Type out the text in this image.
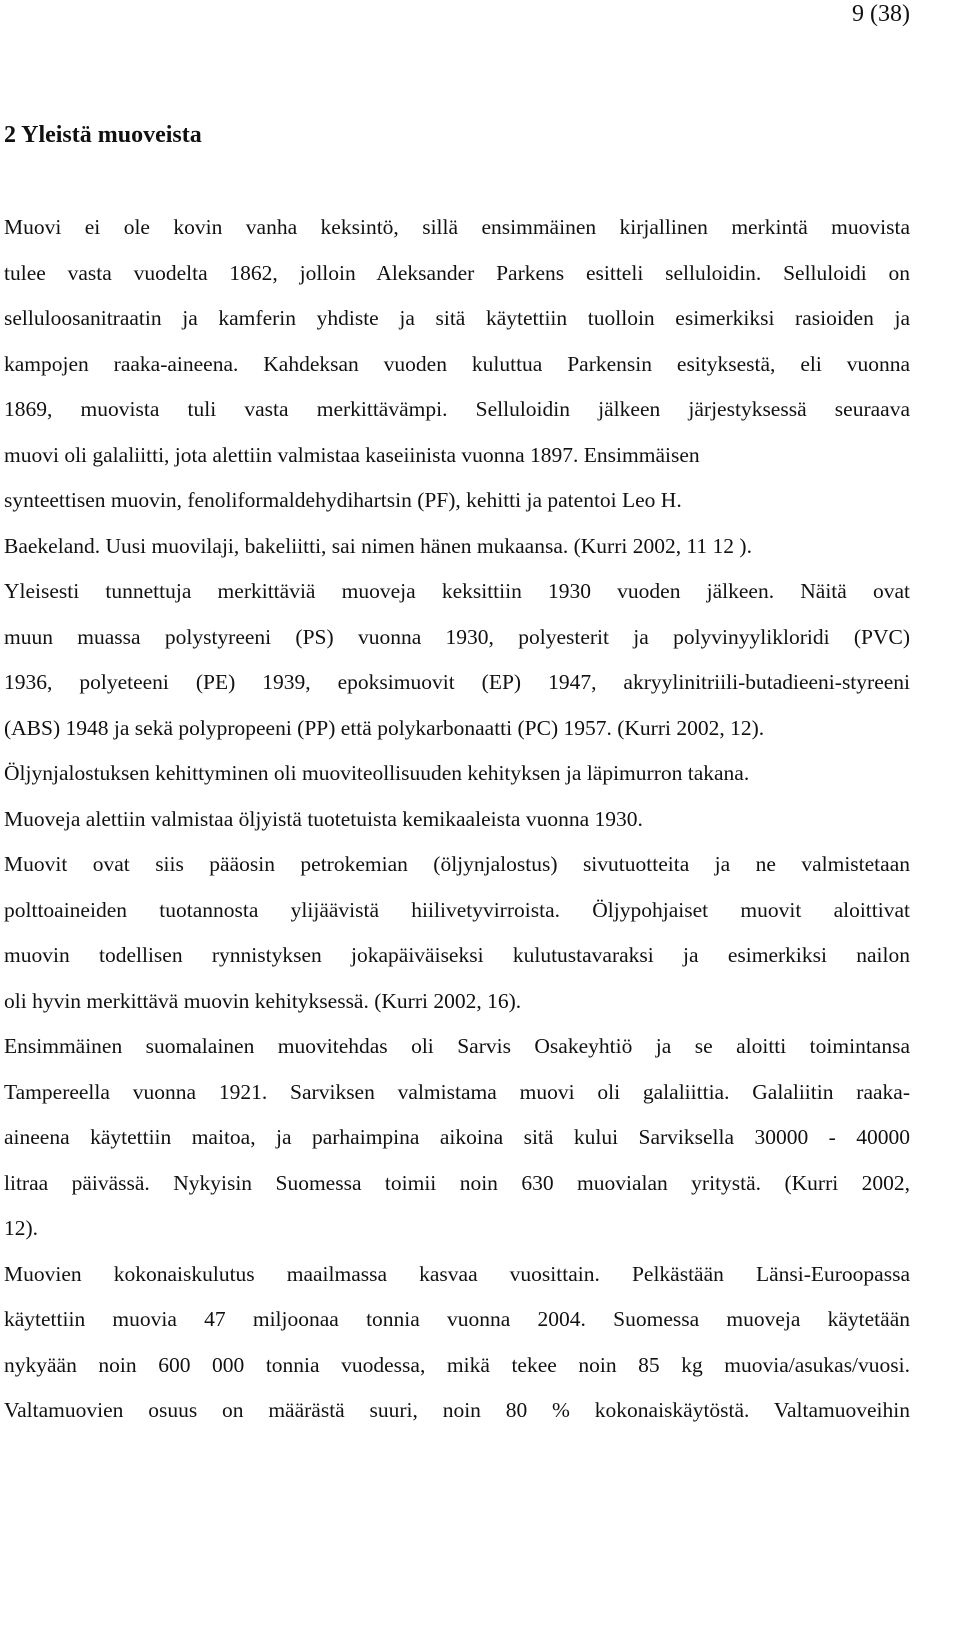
9 (38)
2 Yleistä muoveista
Muovi ei ole kovin vanha keksintö, sillä ensimmäinen kirjallinen merkintä muovista
tulee vasta vuodelta 1862, jolloin Aleksander Parkens esitteli selluloidin. Selluloidi on
selluloosanitraatin ja kamferin yhdiste ja sitä käytettiin tuolloin esimerkiksi rasioiden ja
kampojen raaka-aineena. Kahdeksan vuoden kuluttua Parkensin esityksestä, eli vuonna
1869, muovista tuli vasta merkittävämpi. Selluloidin jälkeen järjestyksessä seuraava
muovi oli galaliitti, jota alettiin valmistaa kaseiinista vuonna 1897. Ensimmäisen
synteettisen muovin, fenoliformaldehydihartsin (PF), kehitti ja patentoi Leo H.
Baekeland. Uusi muovilaji, bakeliitti, sai nimen hänen mukaansa. (Kurri 2002, 11 12 ).
Yleisesti tunnettuja merkittäviä muoveja keksittiin 1930 vuoden jälkeen. Näitä ovat
muun muassa polystyreeni (PS) vuonna 1930, polyesterit ja polyvinyylikloridi (PVC)
1936, polyeteeni (PE) 1939, epoksimuovit (EP) 1947, akryylinitriili-butadieeni-styreeni
(ABS) 1948 ja sekä polypropeeni (PP) että polykarbonaatti (PC) 1957. (Kurri 2002, 12).
Öljynjalostuksen kehittyminen oli muoviteollisuuden kehityksen ja läpimurron takana.
Muoveja alettiin valmistaa öljyistä tuotetuista kemikaaleista vuonna 1930.
Muovit ovat siis pääosin petrokemian (öljynjalostus) sivutuotteita ja ne valmistetaan
polttoaineiden tuotannosta ylijäävistä hiilivetyvirroista. Öljypohjaiset muovit aloittivat
muovin todellisen rynnistyksen jokapäiväiseksi kulutustavaraksi ja esimerkiksi nailon
oli hyvin merkittävä muovin kehityksessä. (Kurri 2002, 16).
Ensimmäinen suomalainen muovitehdas oli Sarvis Osakeyhtiö ja se aloitti toimintansa
Tampereella vuonna 1921. Sarviksen valmistama muovi oli galaliittia. Galaliitin raaka-
aineena käytettiin maitoa, ja parhaimpina aikoina sitä kului Sarviksella 30000 - 40000
litraa päivässä. Nykyisin Suomessa toimii noin 630 muovialan yritystä. (Kurri 2002,
12).
Muovien kokonaiskulutus maailmassa kasvaa vuosittain. Pelkästään Länsi-Euroopassa
käytettiin muovia 47 miljoonaa tonnia vuonna 2004. Suomessa muoveja käytetään
nykyään noin 600 000 tonnia vuodessa, mikä tekee noin 85 kg muovia/asukas/vuosi.
Valtamuovien osuus on määrästä suuri, noin 80 % kokonaiskäytöstä. Valtamuoveihin
